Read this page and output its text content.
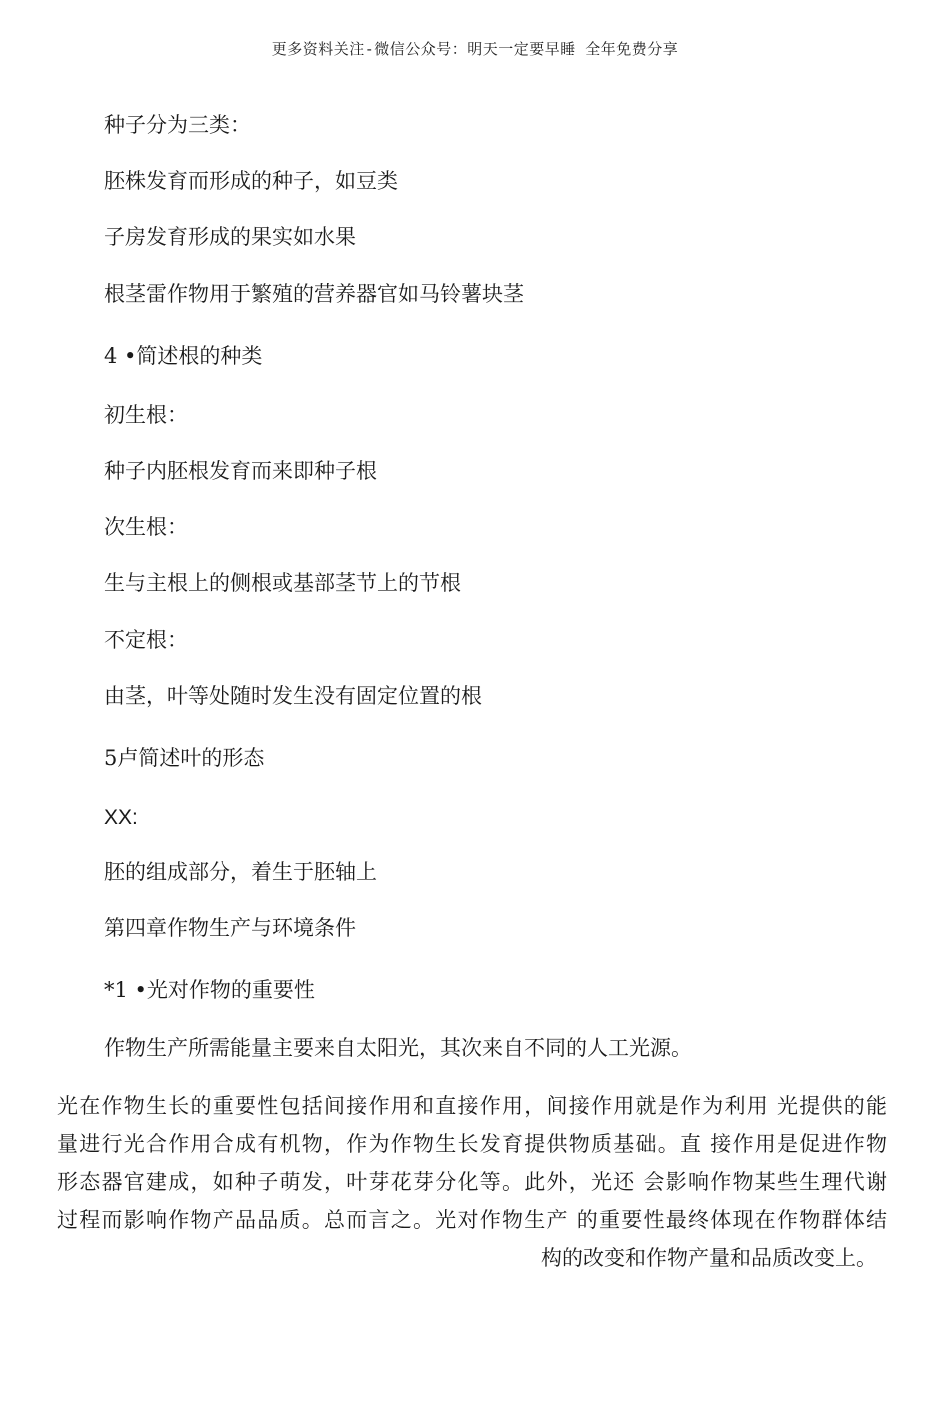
更多资料关注-微信公众号：明天一定要早睡 全年免费分享
种子分为三类：
胚株发育而形成的种子，如豆类
子房发育形成的果实如水果
根茎雷作物用于繁殖的营养器官如马铃薯块茎
4 •简述根的种类
初生根：
种子内胚根发育而来即种子根
次生根：
生与主根上的侧根或基部茎节上的节根
不定根：
由茎，叶等处随时发生没有固定位置的根
5卢简述叶的形态
XX:
胚的组成部分，着生于胚轴上
第四章作物生产与环境条件
*1 •光对作物的重要性
作物生产所需能量主要来自太阳光，其次来自不同的人工光源。
光在作物生长的重要性包括间接作用和直接作用，间接作用就是作为利用 光提供的能
量进行光合作用合成有机物，作为作物生长发育提供物质基础。直 接作用是促进作物
形态器官建成，如种子萌发，叶芽花芽分化等。此外，光还 会影响作物某些生理代谢
过程而影响作物产品品质。总而言之。光对作物生产 的重要性最终体现在作物群体结
构的改变和作物产量和品质改变上。
